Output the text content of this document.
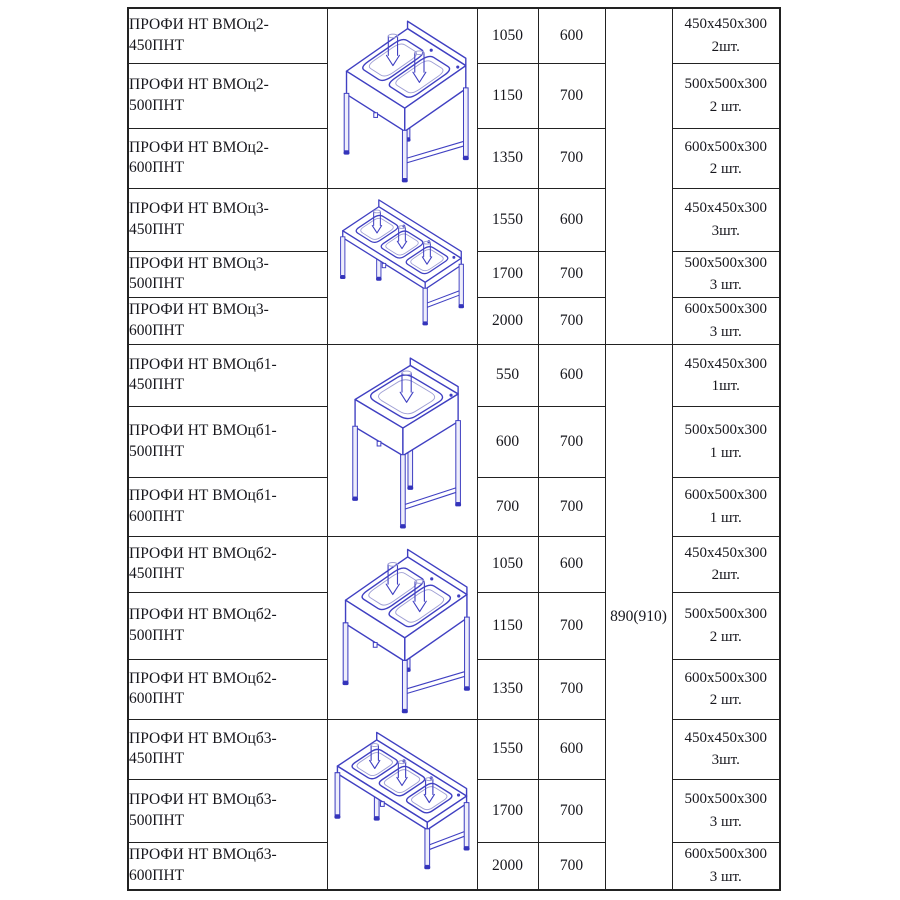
ПРОФИ НТ ВМОц2-
450ПНТ

	1050	600		
450x450x300
2шт.

ПРОФИ НТ ВМОц2-
500ПНТ
	1150	700	
500x500x300
2 шт.

ПРОФИ НТ ВМОц2-
600ПНТ
	1350	700	
600x500x300
2 шт.

ПРОФИ НТ ВМОц3-
450ПНТ

	1550	600	
450x450x300
3шт.

ПРОФИ НТ ВМОц3-
500ПНТ
	1700	700	
500x500x300
3 шт.

ПРОФИ НТ ВМОц3-
600ПНТ
	2000	700	
600x500x300
3 шт.

ПРОФИ НТ ВМОцб1-
450ПНТ

	550	600	890(910)	
450x450x300
1шт.

ПРОФИ НТ ВМОцб1-
500ПНТ
	600	700	
500x500x300
1 шт.

ПРОФИ НТ ВМОцб1-
600ПНТ
	700	700	
600x500x300
1 шт.

ПРОФИ НТ ВМОцб2-
450ПНТ

	1050	600	
450x450x300
2шт.

ПРОФИ НТ ВМОцб2-
500ПНТ
	1150	700	
500x500x300
2 шт.

ПРОФИ НТ ВМОцб2-
600ПНТ
	1350	700	
600x500x300
2 шт.

ПРОФИ НТ ВМОцб3-
450ПНТ

	1550	600	
450x450x300
3шт.

ПРОФИ НТ ВМОцб3-
500ПНТ
	1700	700	
500x500x300
3 шт.

ПРОФИ НТ ВМОцб3-
600ПНТ
	2000	700	
600x500x300
3 шт.
